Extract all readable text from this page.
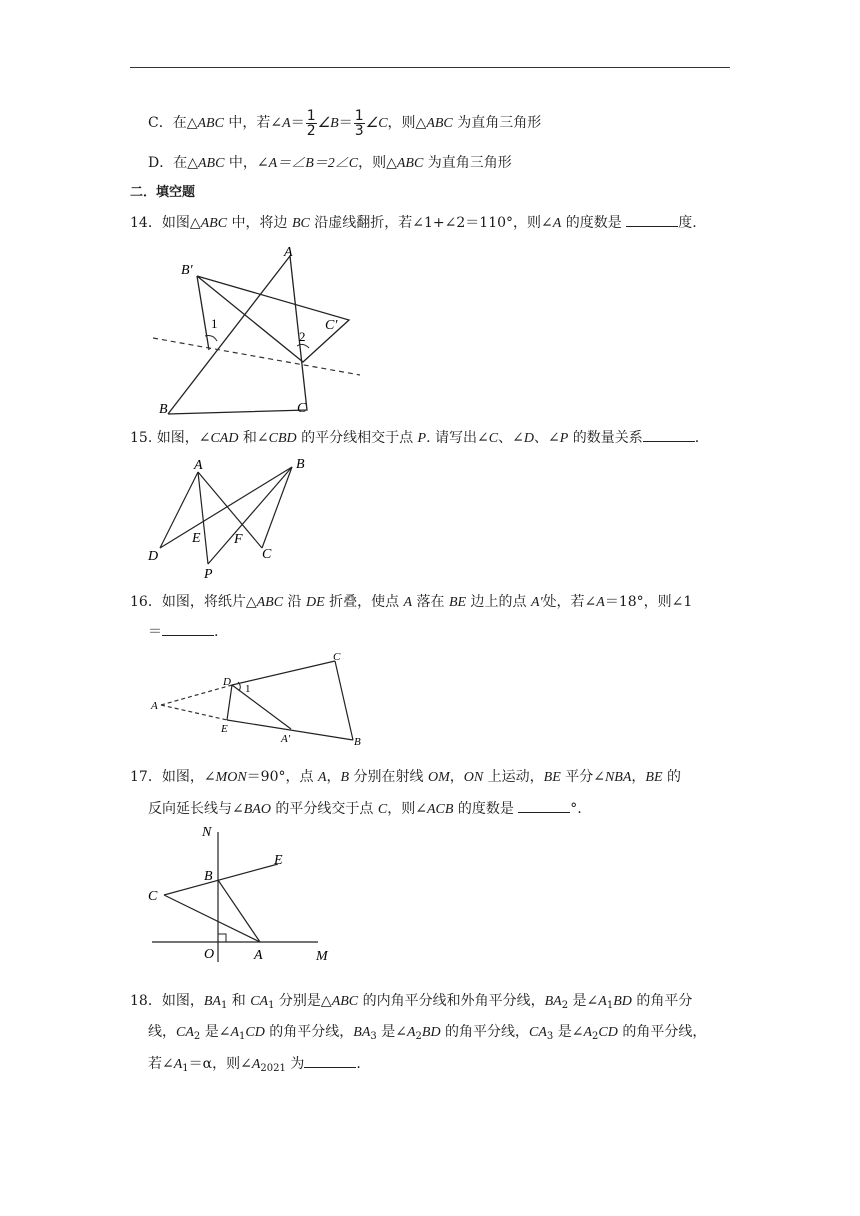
C．在△ABC 中，若∠A＝ $\frac{1}{2}$ ∠B＝ $\frac{1}{3}$ ∠C，则△ABC 为直角三角形
D．在△ABC 中，∠A＝∠B＝2∠C，则△ABC 为直角三角形
二．填空题
14．如图△ABC 中，将边 BC 沿虚线翻折，若∠1+∠2＝110°，则∠A 的度数是	度.
A
B	C
B′
C′
1
2
15. 如图，∠CAD 和∠CBD 的平分线相交于点 P. 请写出∠C、∠D、∠P 的数量关系	.
A	B
C
D
E F
P
16．如图，将纸片△ABC 沿 DE 折叠，使点 A 落在 BE 边上的点 A'处，若∠A＝18°，则∠1
＝	.
A
B
C
D
E
A′
1
17．如图，∠MON＝90°，点 A，B 分别在射线 OM，ON 上运动，BE 平分∠NBA，BE 的
反向延长线与∠BAO 的平分线交于点 C，则∠ACB 的度数是	°.
N
E
B
C
O	A	M
18．如图，$BA_1$ 和 $CA_1$ 分别是△ABC 的内角平分线和外角平分线，$BA_2$ 是$\angle A_1BD$ 的角平分
线，$CA_2$ 是$\angle A_1CD$ 的角平分线，$BA_3$ 是$\angle A_2BD$ 的角平分线，$CA_3$ 是$\angle A_2CD$ 的角平分线，
若$\angle A_1=\alpha$，则$\angle A_{2021}$ 为	.
